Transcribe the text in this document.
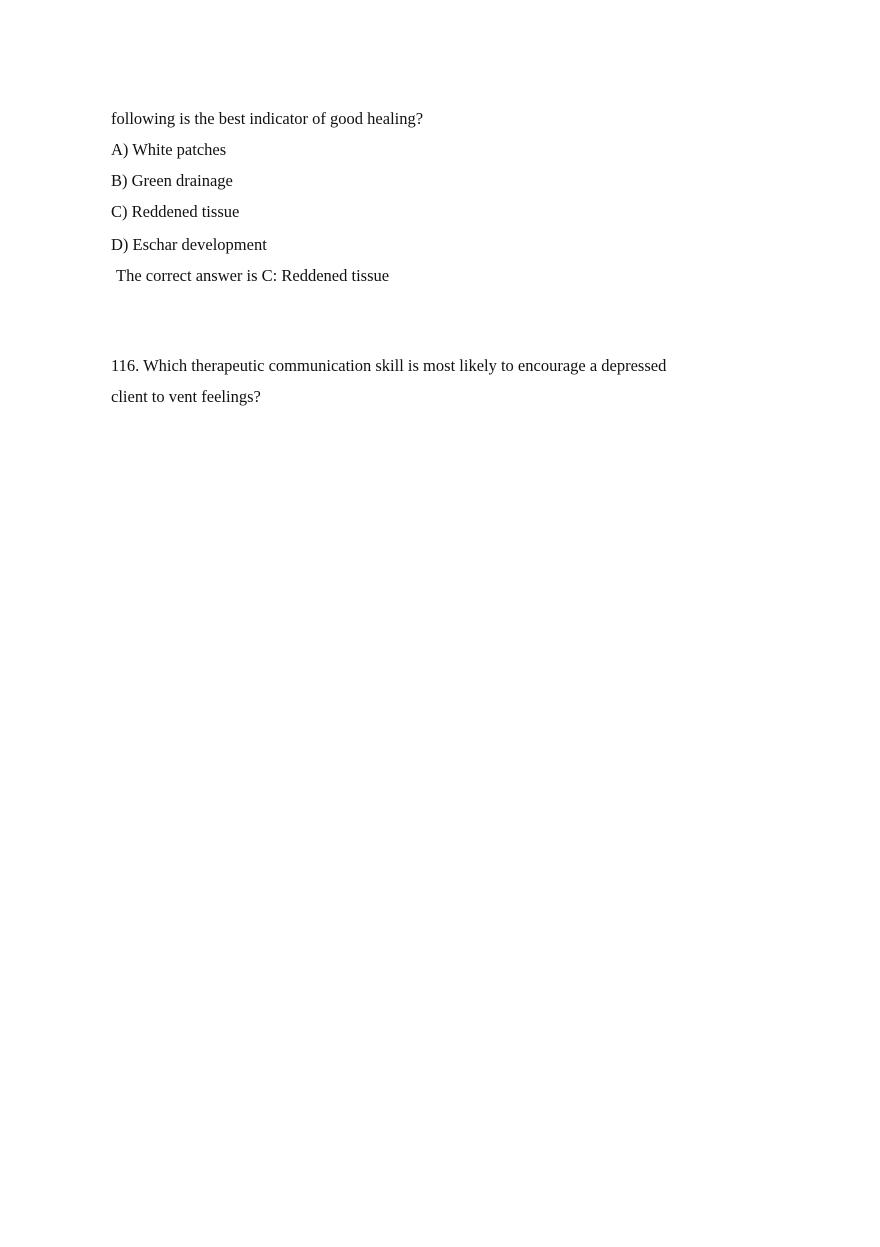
following is the best indicator of good healing?
A) White patches
B) Green drainage
C) Reddened tissue
D) Eschar development
The correct answer is C: Reddened tissue
116. Which therapeutic communication skill is most likely to encourage a depressed
client to vent feelings?
